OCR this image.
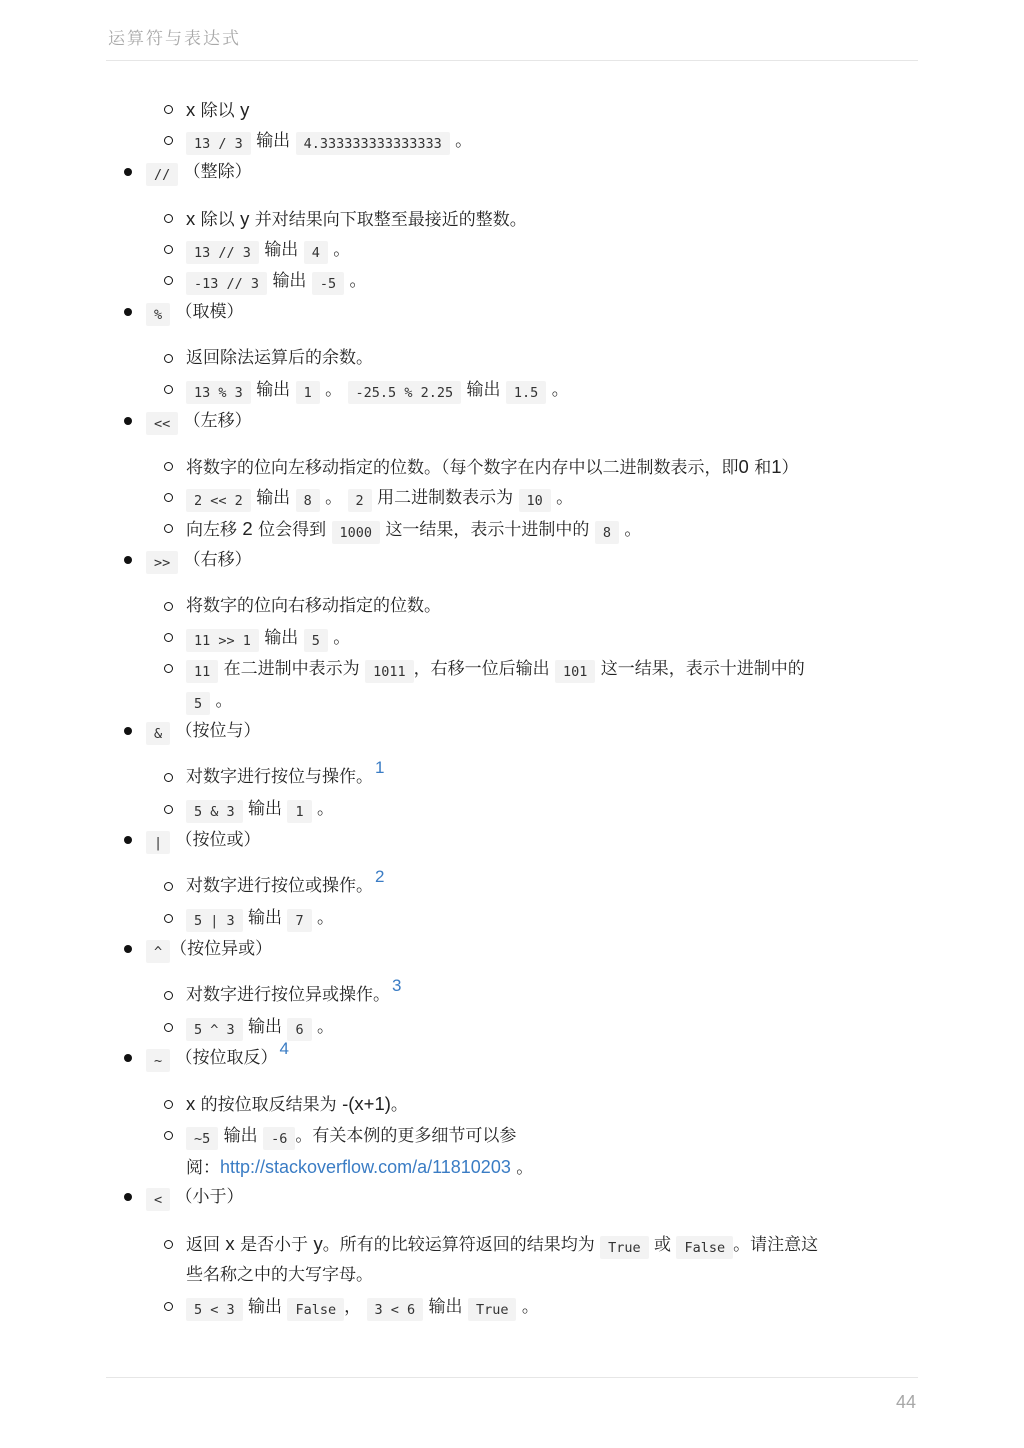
运算符与表达式
x 除以 y
13 / 3 输出 4.333333333333333 。
// （整除）
x 除以 y 并对结果向下取整至最接近的整数。
13 // 3 输出 4 。
-13 // 3 输出 -5 。
% （取模）
返回除法运算后的余数。
13 % 3 输出 1 。 -25.5 % 2.25 输出 1.5 。
<< （左移）
将数字的位向左移动指定的位数。（每个数字在内存中以二进制数表示，即0 和1）
2 << 2 输出 8 。 2 用二进制数表示为 10 。
向左移 2 位会得到 1000 这一结果，表示十进制中的 8 。
>> （右移）
将数字的位向右移动指定的位数。
11 >> 1 输出 5 。
11 在二进制中表示为 1011 ，右移一位后输出 101 这一结果，表示十进制中的
5 。
& （按位与）
对数字进行按位与操作。 $^1$
5 & 3 输出 1 。
| （按位或）
对数字进行按位或操作。 $^2$
5 | 3 输出 7 。
^ （按位异或）
对数字进行按位异或操作。 $^3$
5 ^ 3 输出 6 。
~ （按位取反） $^4$
x 的按位取反结果为 -(x+1)。
~5 输出 -6 。有关本例的更多细节可以参
阅：http://stackoverflow.com/a/11810203 。
< （小于）
返回 x 是否小于 y。所有的比较运算符返回的结果均为 True 或 False 。请注意这
些名称之中的大写字母。
5 < 3 输出 False ， 3 < 6 输出 True 。
44
